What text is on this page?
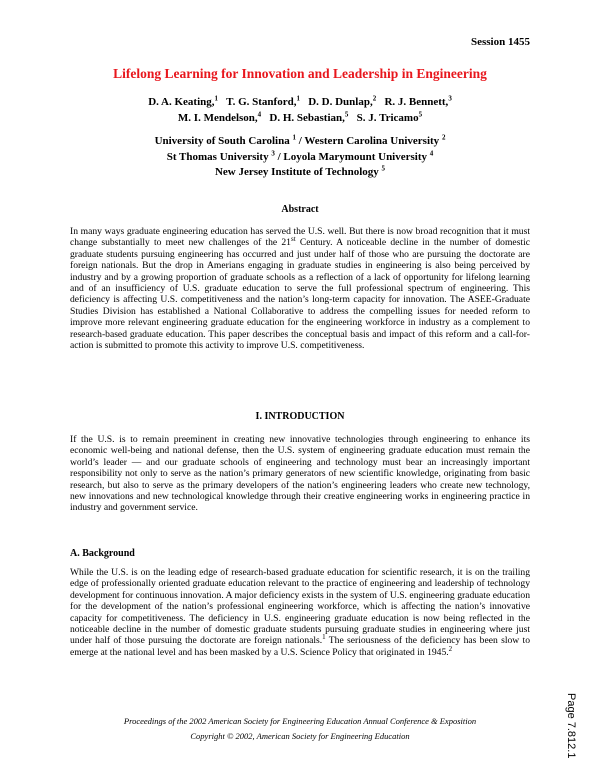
Session 1455
Lifelong Learning for Innovation and Leadership in Engineering
D. A. Keating,$^1$ T. G. Stanford,$^1$ D. D. Dunlap,$^2$ R. J. Bennett,$^3$
M. I. Mendelson,$^4$ D. H. Sebastian,$^5$ S. J. Tricamo$^5$
University of South Carolina $^1$ / Western Carolina University $^2$
St Thomas University $^3$ / Loyola Marymount University $^4$
New Jersey Institute of Technology $^5$
Abstract

In many ways graduate engineering education has served the U.S. well. But there is now broad recognition that it must change substantially to meet new challenges of the 21st Century. A noticeable decline in the number of domestic graduate students pursuing engineering has occurred and just under half of those who are pursuing the doctorate are foreign nationals. But the drop in Amerians engaging in graduate studies in engineering is also being perceived by industry and by a growing proportion of graduate schools as a reflection of a lack of opportunity for lifelong learning and of an insufficiency of U.S. graduate education to serve the full professional spectrum of engineering. This deficiency is affecting U.S. competitiveness and the nation’s long-term capacity for innovation. The ASEE-Graduate Studies Division has established a National Collaborative to address the compelling issues for needed reform to improve more relevant engineering graduate education for the engineering workforce in industry as a complement to research-based graduate education. This paper describes the conceptual basis and impact of this reform and a call-for-action is submitted to promote this activity to improve U.S. competitiveness.

I. INTRODUCTION

If the U.S. is to remain preeminent in creating new innovative technologies through engineering to enhance its economic well-being and national defense, then the U.S. system of engineering graduate education must remain the world’s leader — and our graduate schools of engineering and technology must bear an increasingly important responsibility not only to serve as the nation’s primary generators of new scientific knowledge, originating from basic research, but also to serve as the primary developers of the nation’s engineering leaders who create new technology, new innovations and new technological knowledge through their creative engineering works in engineering practice in industry and government service.

A. Background

While the U.S. is on the leading edge of research-based graduate education for scientific research, it is on the trailing edge of professionally oriented graduate education relevant to the practice of engineering and leadership of technology development for continuous innovation. A major deficiency exists in the system of U.S. engineering graduate education for the development of the nation’s professional engineering workforce, which is affecting the nation’s innovative capacity for competitiveness. The deficiency in U.S. engineering graduate education is now being reflected in the noticeable decline in the number of domestic graduate students pursuing graduate studies in engineering where just under half of those pursuing the doctorate are foreign nationals.$^1$ The seriousness of the deficiency has been slow to emerge at the national level and has been masked by a U.S. Science Policy that originated in 1945.$^2$

Proceedings of the 2002 American Society for Engineering Education Annual Conference & Exposition
Copyright © 2002, American Society for Engineering Education	Page 7.812.1
